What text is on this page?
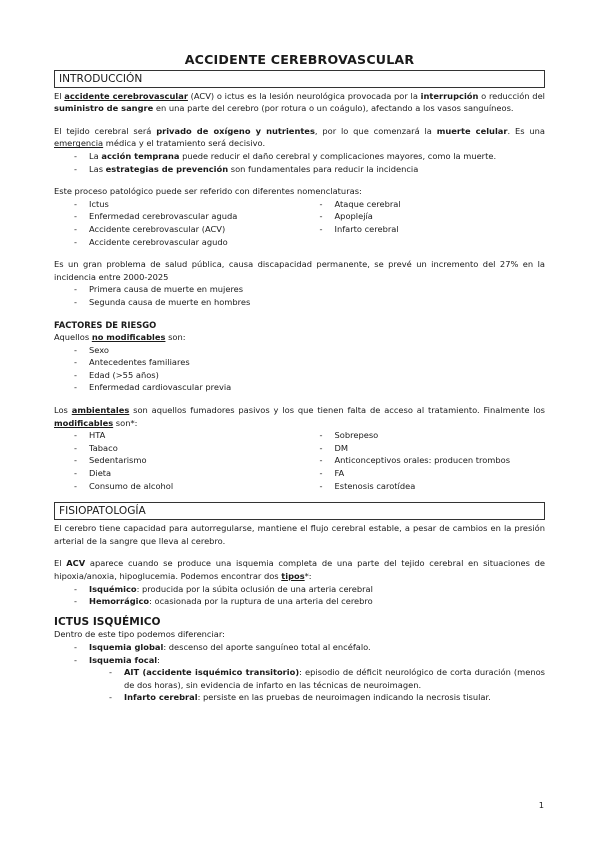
ACCIDENTE CEREBROVASCULAR
INTRODUCCIÓN

El accidente cerebrovascular (ACV) o ictus es la lesión neurológica provocada por la interrupción o reducción del suministro de sangre en una parte del cerebro (por rotura o un coágulo), afectando a los vasos sanguíneos.

El tejido cerebral será privado de oxígeno y nutrientes, por lo que comenzará la muerte celular. Es una emergencia médica y el tratamiento será decisivo.

- La acción temprana puede reducir el daño cerebral y complicaciones mayores, como la muerte.
- Las estrategias de prevención son fundamentales para reducir la incidencia

Este proceso patológico puede ser referido con diferentes nomenclaturas:

- Ictus
- Enfermedad cerebrovascular aguda
- Accidente cerebrovascular (ACV)
- Accidente cerebrovascular agudo
- Ataque cerebral
- Apoplejía
- Infarto cerebral

Es un gran problema de salud pública, causa discapacidad permanente, se prevé un incremento del 27% en la incidencia entre 2000-2025

- Primera causa de muerte en mujeres
- Segunda causa de muerte en hombres
FACTORES DE RIESGO

Aquellos no modificables son:

- Sexo
- Antecedentes familiares
- Edad (>55 años)
- Enfermedad cardiovascular previa

Los ambientales son aquellos fumadores pasivos y los que tienen falta de acceso al tratamiento. Finalmente los modificables son*:

- HTA
- Tabaco
- Sedentarismo
- Dieta
- Consumo de alcohol
- Sobrepeso
- DM
- Anticonceptivos orales: producen trombos
- FA
- Estenosis carotídea
FISIOPATOLOGÍA

El cerebro tiene capacidad para autorregularse, mantiene el flujo cerebral estable, a pesar de cambios en la presión arterial de la sangre que lleva al cerebro.

El ACV aparece cuando se produce una isquemia completa de una parte del tejido cerebral en situaciones de hipoxia/anoxia, hipoglucemia. Podemos encontrar dos tipos*:

- Isquémico: producida por la súbita oclusión de una arteria cerebral
- Hemorrágico: ocasionada por la ruptura de una arteria del cerebro
ICTUS ISQUÉMICO

Dentro de este tipo podemos diferenciar:

- Isquemia global: descenso del aporte sanguíneo total al encéfalo.
- Isquemia focal:
- AIT (accidente isquémico transitorio): episodio de déficit neurológico de corta duración (menos de dos horas), sin evidencia de infarto en las técnicas de neuroimagen.
- Infarto cerebral: persiste en las pruebas de neuroimagen indicando la necrosis tisular.
1
